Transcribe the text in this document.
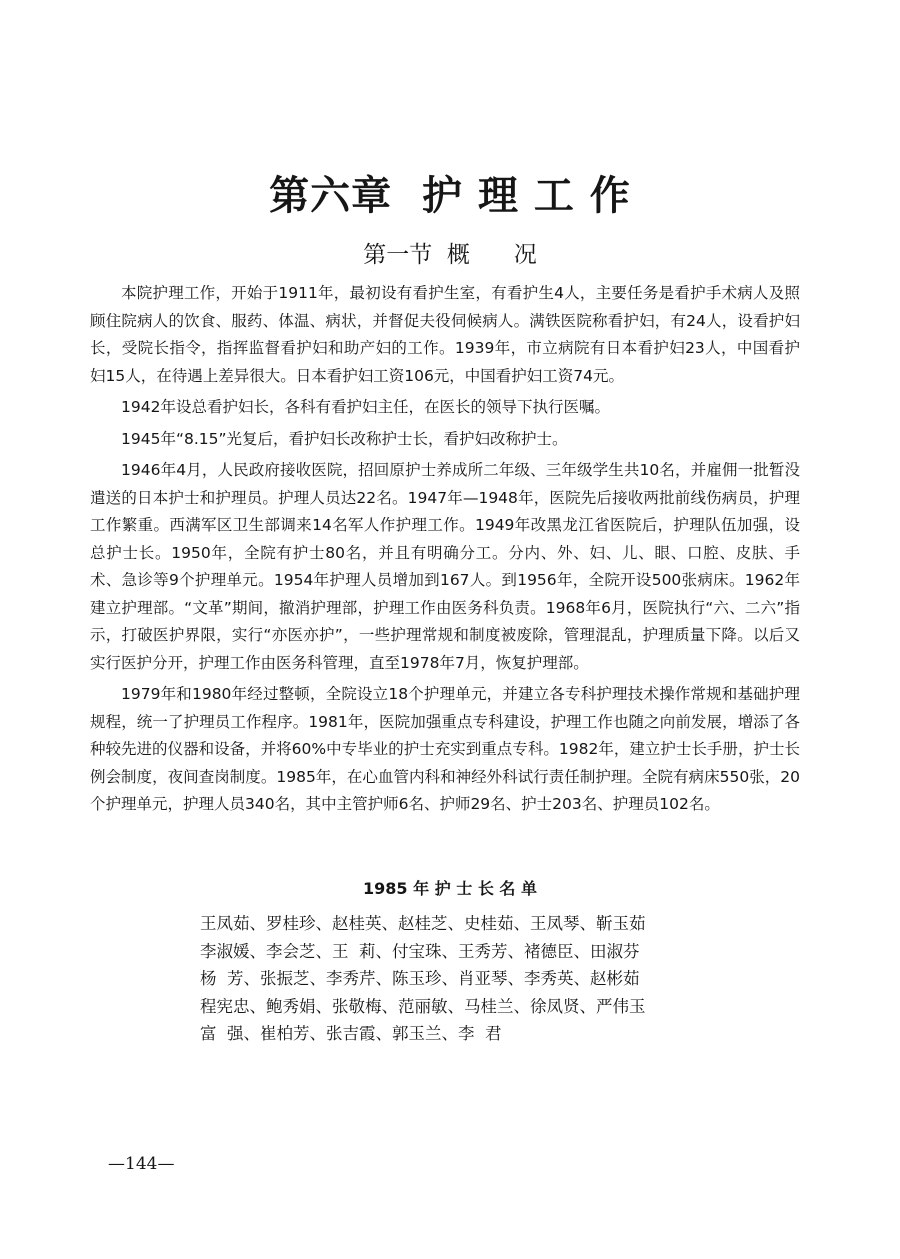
第六章  护 理 工 作
第一节  概      况

本院护理工作，开始于1911年，最初设有看护生室，有看护生4人，主要任务是看护手术病人及照顾住院病人的饮食、服药、体温、病状，并督促夫役伺候病人。满铁医院称看护妇，有24人，设看护妇长，受院长指令，指挥监督看护妇和助产妇的工作。1939年，市立病院有日本看护妇23人，中国看护妇15人，在待遇上差异很大。日本看护妇工资106元，中国看护妇工资74元。

1942年设总看护妇长，各科有看护妇主任，在医长的领导下执行医嘱。

1945年“8.15”光复后，看护妇长改称护士长，看护妇改称护士。

1946年4月，人民政府接收医院，招回原护士养成所二年级、三年级学生共10名，并雇佣一批暂没遣送的日本护士和护理员。护理人员达22名。1947年—1948年，医院先后接收两批前线伤病员，护理工作繁重。西满军区卫生部调来14名军人作护理工作。1949年改黑龙江省医院后，护理队伍加强，设总护士长。1950年，全院有护士80名，并且有明确分工。分内、外、妇、儿、眼、口腔、皮肤、手术、急诊等9个护理单元。1954年护理人员增加到167人。到1956年，全院开设500张病床。1962年建立护理部。“文革”期间，撤消护理部，护理工作由医务科负责。1968年6月，医院执行“六、二六”指示，打破医护界限，实行“亦医亦护”，一些护理常规和制度被废除，管理混乱，护理质量下降。以后又实行医护分开，护理工作由医务科管理，直至1978年7月，恢复护理部。

1979年和1980年经过整顿，全院设立18个护理单元，并建立各专科护理技术操作常规和基础护理规程，统一了护理员工作程序。1981年，医院加强重点专科建设，护理工作也随之向前发展，增添了各种较先进的仪器和设备，并将60%中专毕业的护士充实到重点专科。1982年，建立护士长手册，护士长例会制度，夜间查岗制度。1985年，在心血管内科和神经外科试行责任制护理。全院有病床550张，20个护理单元，护理人员340名，其中主管护师6名、护师29名、护士203名、护理员102名。

1985 年 护 士 长 名 单
王凤茹、罗桂珍、赵桂英、赵桂芝、史桂茹、王凤琴、靳玉茹
李淑媛、李会芝、王  莉、付宝珠、王秀芳、褚德臣、田淑芬
杨  芳、张振芝、李秀芹、陈玉珍、肖亚琴、李秀英、赵彬茹
程宪忠、鲍秀娟、张敬梅、范丽敏、马桂兰、徐凤贤、严伟玉
富  强、崔柏芳、张吉霞、郭玉兰、李  君
—144—
